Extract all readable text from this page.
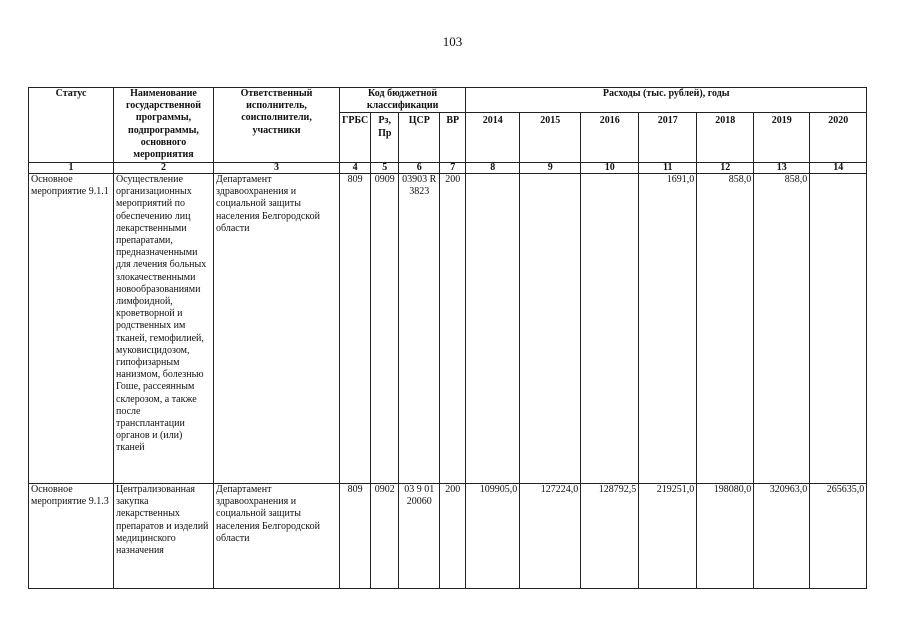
103
Статус	Наименование государственной программы, подпрограммы, основного мероприятия	Ответственный исполнитель, соисполнители, участники	Код бюджетной классификации				Расходы (тыс. рублей), годы						
			ГРБС	Рз, Пр	ЦСР	ВР	2014	2015	2016	2017	2018	2019	2020
1	2	3	4	5	6	7	8	9	10	11	12	13	14
Основное мероприятие 9.1.1	Осуществление организационных мероприятий по обеспечению лиц лекарственными препаратами, предназначенными для лечения больных злокачественными новообразованиями лимфоидной, кроветворной и родственных им тканей, гемофилией, муковисцидозом, гипофизарным нанизмом, болезнью Гоше, рассеянным склерозом, а также после трансплантации органов и (или) тканей	Департамент здравоохранения и социальной защиты населения Белгородской области	809	0909	03903 R 3823	200				1691,0	858,0	858,0	
Основное мероприятие 9.1.3	Централизованная закупка лекарственных препаратов и изделий медицинского назначения	Департамент здравоохранения и социальной защиты населения Белгородской области	809	0902	03 9 01 20060	200	109905,0	127224,0	128792,5	219251,0	198080,0	320963,0	265635,0
